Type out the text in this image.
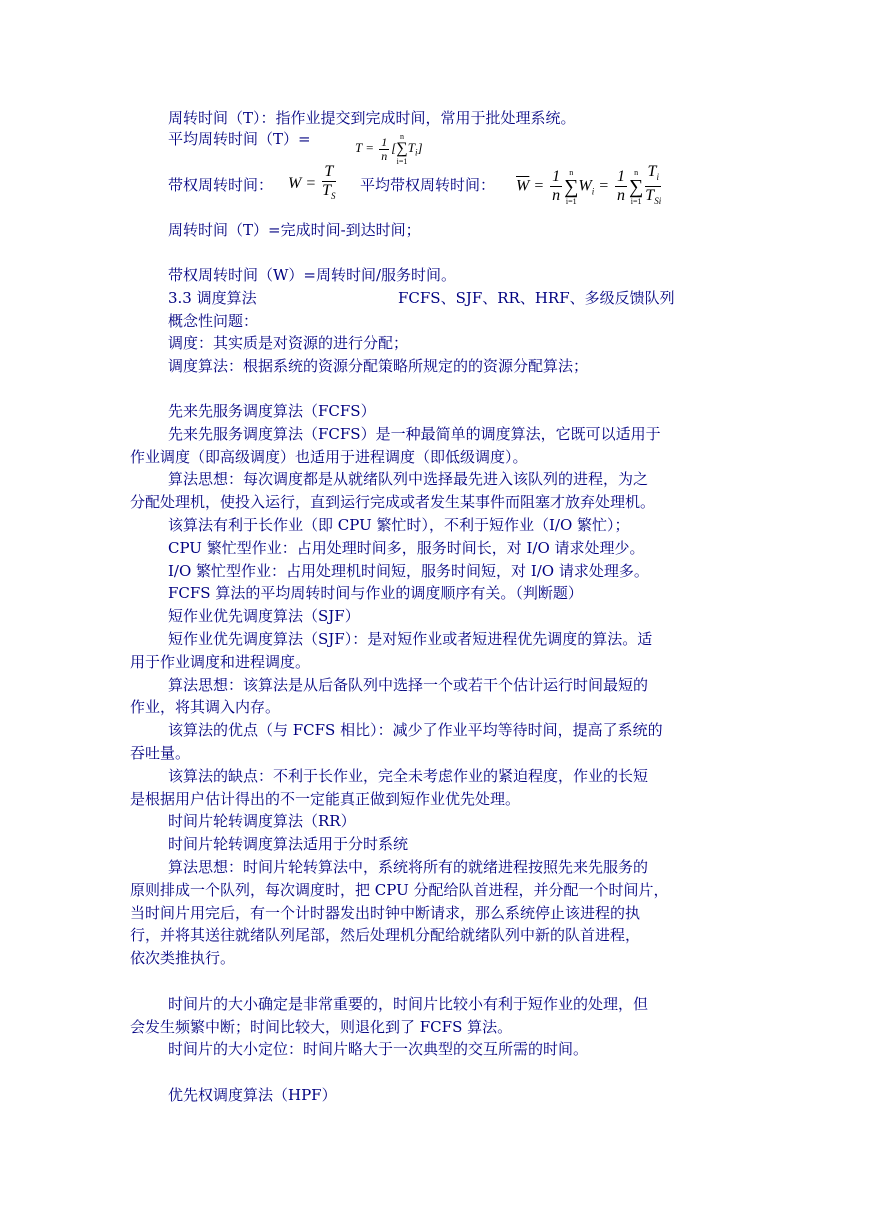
周转时间（T）：指作业提交到完成时间，常用于批处理系统。
平均周转时间（T）=	$T = \frac{1}{n}$ [
n
∑
i=1
$T_i$]
带权周转时间： $W = \frac{T}{T_S}$ 平均带权周转时间： $\overline{W} = \frac{1}{n}$ n
∑
i=1
$W_i = \frac{1}{n}$ n
∑
$i=1 \frac{T_i}{T_{Si}}$
周转时间（T）=完成时间-到达时间；
带权周转时间（W）=周转时间/服务时间。
3.3 调度算法	FCFS、SJF、RR、HRF、多级反馈队列
概念性问题：
调度：其实质是对资源的进行分配；
调度算法：根据系统的资源分配策略所规定的的资源分配算法；
先来先服务调度算法（FCFS）
先来先服务调度算法（FCFS）是一种最简单的调度算法，它既可以适用于
作业调度（即高级调度）也适用于进程调度（即低级调度）。
算法思想：每次调度都是从就绪队列中选择最先进入该队列的进程，为之
分配处理机，使投入运行，直到运行完成或者发生某事件而阻塞才放弃处理机。
该算法有利于长作业（即 CPU 繁忙时），不利于短作业（I/O 繁忙）；
CPU 繁忙型作业：占用处理时间多，服务时间长，对 I/O 请求处理少。
I/O 繁忙型作业：占用处理机时间短，服务时间短，对 I/O 请求处理多。
FCFS 算法的平均周转时间与作业的调度顺序有关。（判断题）
短作业优先调度算法（SJF）
短作业优先调度算法（SJF）：是对短作业或者短进程优先调度的算法。适
用于作业调度和进程调度。
算法思想：该算法是从后备队列中选择一个或若干个估计运行时间最短的
作业，将其调入内存。
该算法的优点（与 FCFS 相比）：减少了作业平均等待时间，提高了系统的
吞吐量。
该算法的缺点：不利于长作业，完全未考虑作业的紧迫程度，作业的长短
是根据用户估计得出的不一定能真正做到短作业优先处理。
时间片轮转调度算法（RR）
时间片轮转调度算法适用于分时系统
算法思想：时间片轮转算法中，系统将所有的就绪进程按照先来先服务的
原则排成一个队列，每次调度时，把 CPU 分配给队首进程，并分配一个时间片，
当时间片用完后，有一个计时器发出时钟中断请求，那么系统停止该进程的执
行，并将其送往就绪队列尾部，然后处理机分配给就绪队列中新的队首进程，
依次类推执行。
时间片的大小确定是非常重要的，时间片比较小有利于短作业的处理，但
会发生频繁中断；时间比较大，则退化到了 FCFS 算法。
时间片的大小定位：时间片略大于一次典型的交互所需的时间。
优先权调度算法（HPF）
